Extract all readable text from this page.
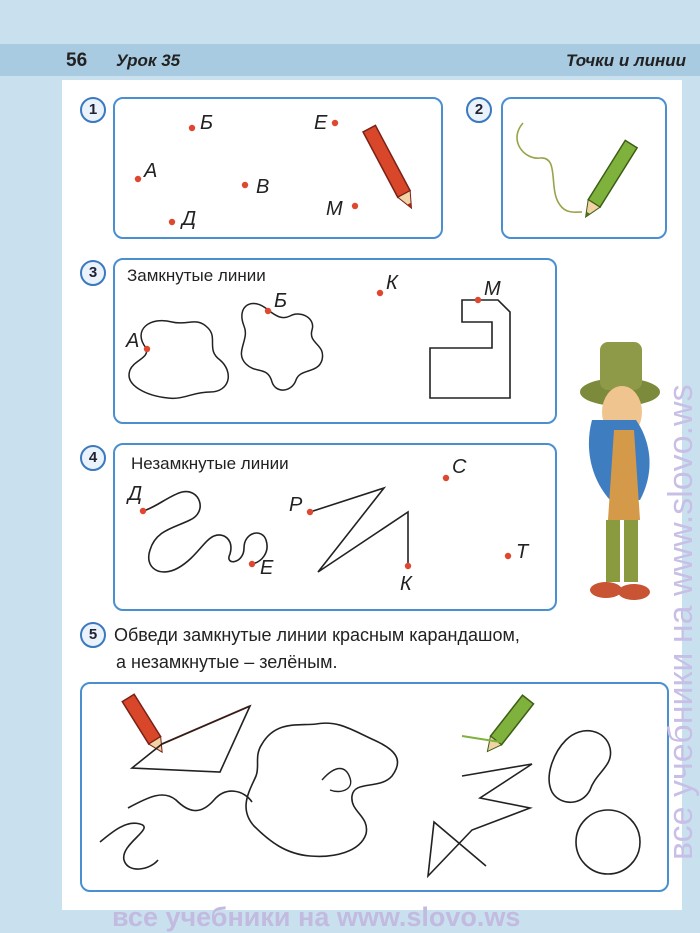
56 Урок 35	Точки и линии
1	2
3
4
5
Б	Е
А
В
М
Д
Замкнутые линии
А
Б
К	М
Незамкнутые линии
Д
Е
Р
С
К
Т
Обведи замкнутые линии красным карандашом,
а незамкнутые – зелёным.	все учебники на www.slovo.ws
все учебники на www.slovo.ws
